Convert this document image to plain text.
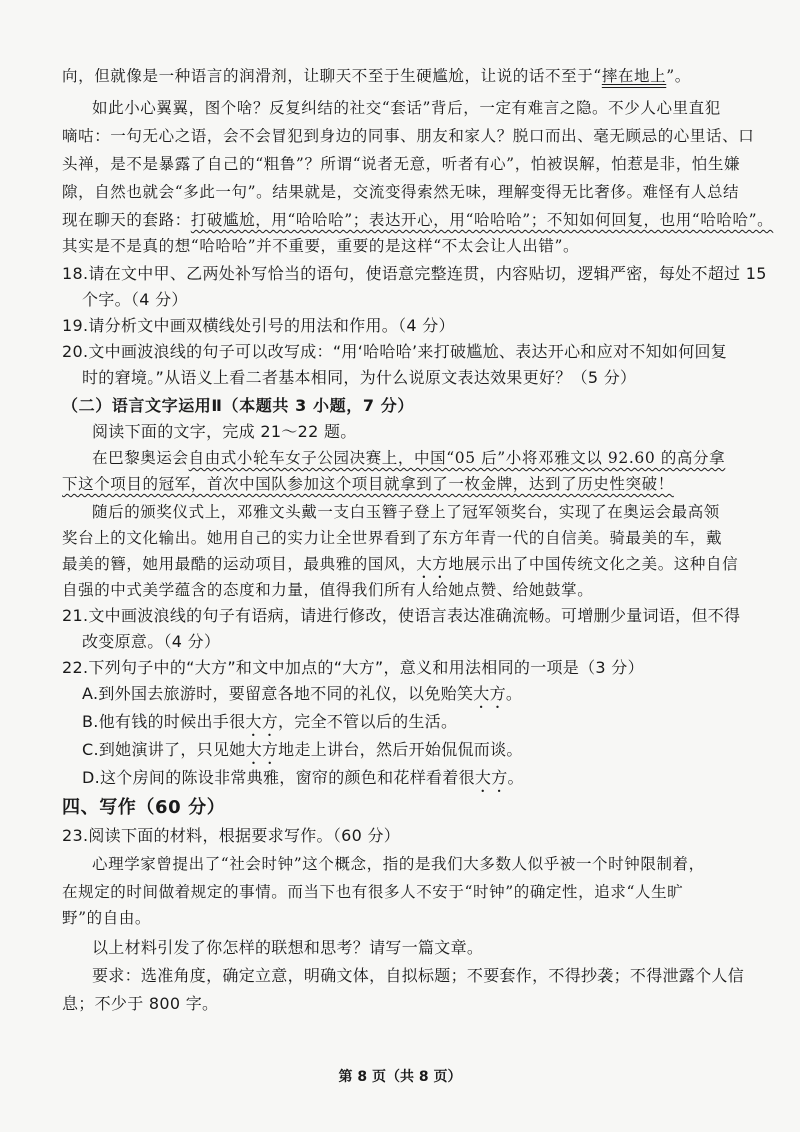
向，但就像是一种语言的润滑剂，让聊天不至于生硬尴尬，让说的话不至于“摔在地上”。
如此小心翼翼，图个啥？反复纠结的社交“套话”背后，一定有难言之隐。不少人心里直犯
嘀咕：一句无心之语，会不会冒犯到身边的同事、朋友和家人？脱口而出、毫无顾忌的心里话、口
头禅，是不是暴露了自己的“粗鲁”？所谓“说者无意，听者有心”，怕被误解，怕惹是非，怕生嫌
隙，自然也就会“多此一句”。结果就是，交流变得索然无味，理解变得无比奢侈。难怪有人总结
现在聊天的套路：打破尴尬，用“哈哈哈”；表达开心，用“哈哈哈”；不知如何回复，也用“哈哈哈”。
其实是不是真的想“哈哈哈”并不重要，重要的是这样“不太会让人出错”。
18.请在文中甲、乙两处补写恰当的语句，使语意完整连贯，内容贴切，逻辑严密，每处不超过 15
个字。（4 分）
19.请分析文中画双横线处引号的用法和作用。（4 分）
20.文中画波浪线的句子可以改写成：“用‘哈哈哈’来打破尴尬、表达开心和应对不知如何回复
时的窘境。”从语义上看二者基本相同，为什么说原文表达效果更好？（5 分）
（二）语言文字运用Ⅱ（本题共 3 小题，7 分）
阅读下面的文字，完成 21～22 题。
在巴黎奥运会自由式小轮车女子公园决赛上，中国“05 后”小将邓雅文以 92.60 的高分拿
下这个项目的冠军，首次中国队参加这个项目就拿到了一枚金牌，达到了历史性突破！
随后的颁奖仪式上，邓雅文头戴一支白玉簪子登上了冠军领奖台，实现了在奥运会最高领
奖台上的文化输出。她用自己的实力让全世界看到了东方年青一代的自信美。骑最美的车，戴
最美的簪，她用最酷的运动项目，最典雅的国风，大方地展示出了中国传统文化之美。这种自信
自强的中式美学蕴含的态度和力量，值得我们所有人给她点赞、给她鼓掌。
21.文中画波浪线的句子有语病，请进行修改，使语言表达准确流畅。可增删少量词语，但不得
改变原意。（4 分）
22.下列句子中的“大方”和文中加点的“大方”，意义和用法相同的一项是（3 分）
A.到外国去旅游时，要留意各地不同的礼仪，以免贻笑大方。
B.他有钱的时候出手很大方，完全不管以后的生活。
C.到她演讲了，只见她大方地走上讲台，然后开始侃侃而谈。
D.这个房间的陈设非常典雅，窗帘的颜色和花样看着很大方。
四、写作（60 分）
23.阅读下面的材料，根据要求写作。（60 分）
心理学家曾提出了“社会时钟”这个概念，指的是我们大多数人似乎被一个时钟限制着，
在规定的时间做着规定的事情。而当下也有很多人不安于“时钟”的确定性，追求“人生旷
野”的自由。
以上材料引发了你怎样的联想和思考？请写一篇文章。
要求：选准角度，确定立意，明确文体，自拟标题；不要套作，不得抄袭；不得泄露个人信
息；不少于 800 字。
第 8 页（共 8 页）
